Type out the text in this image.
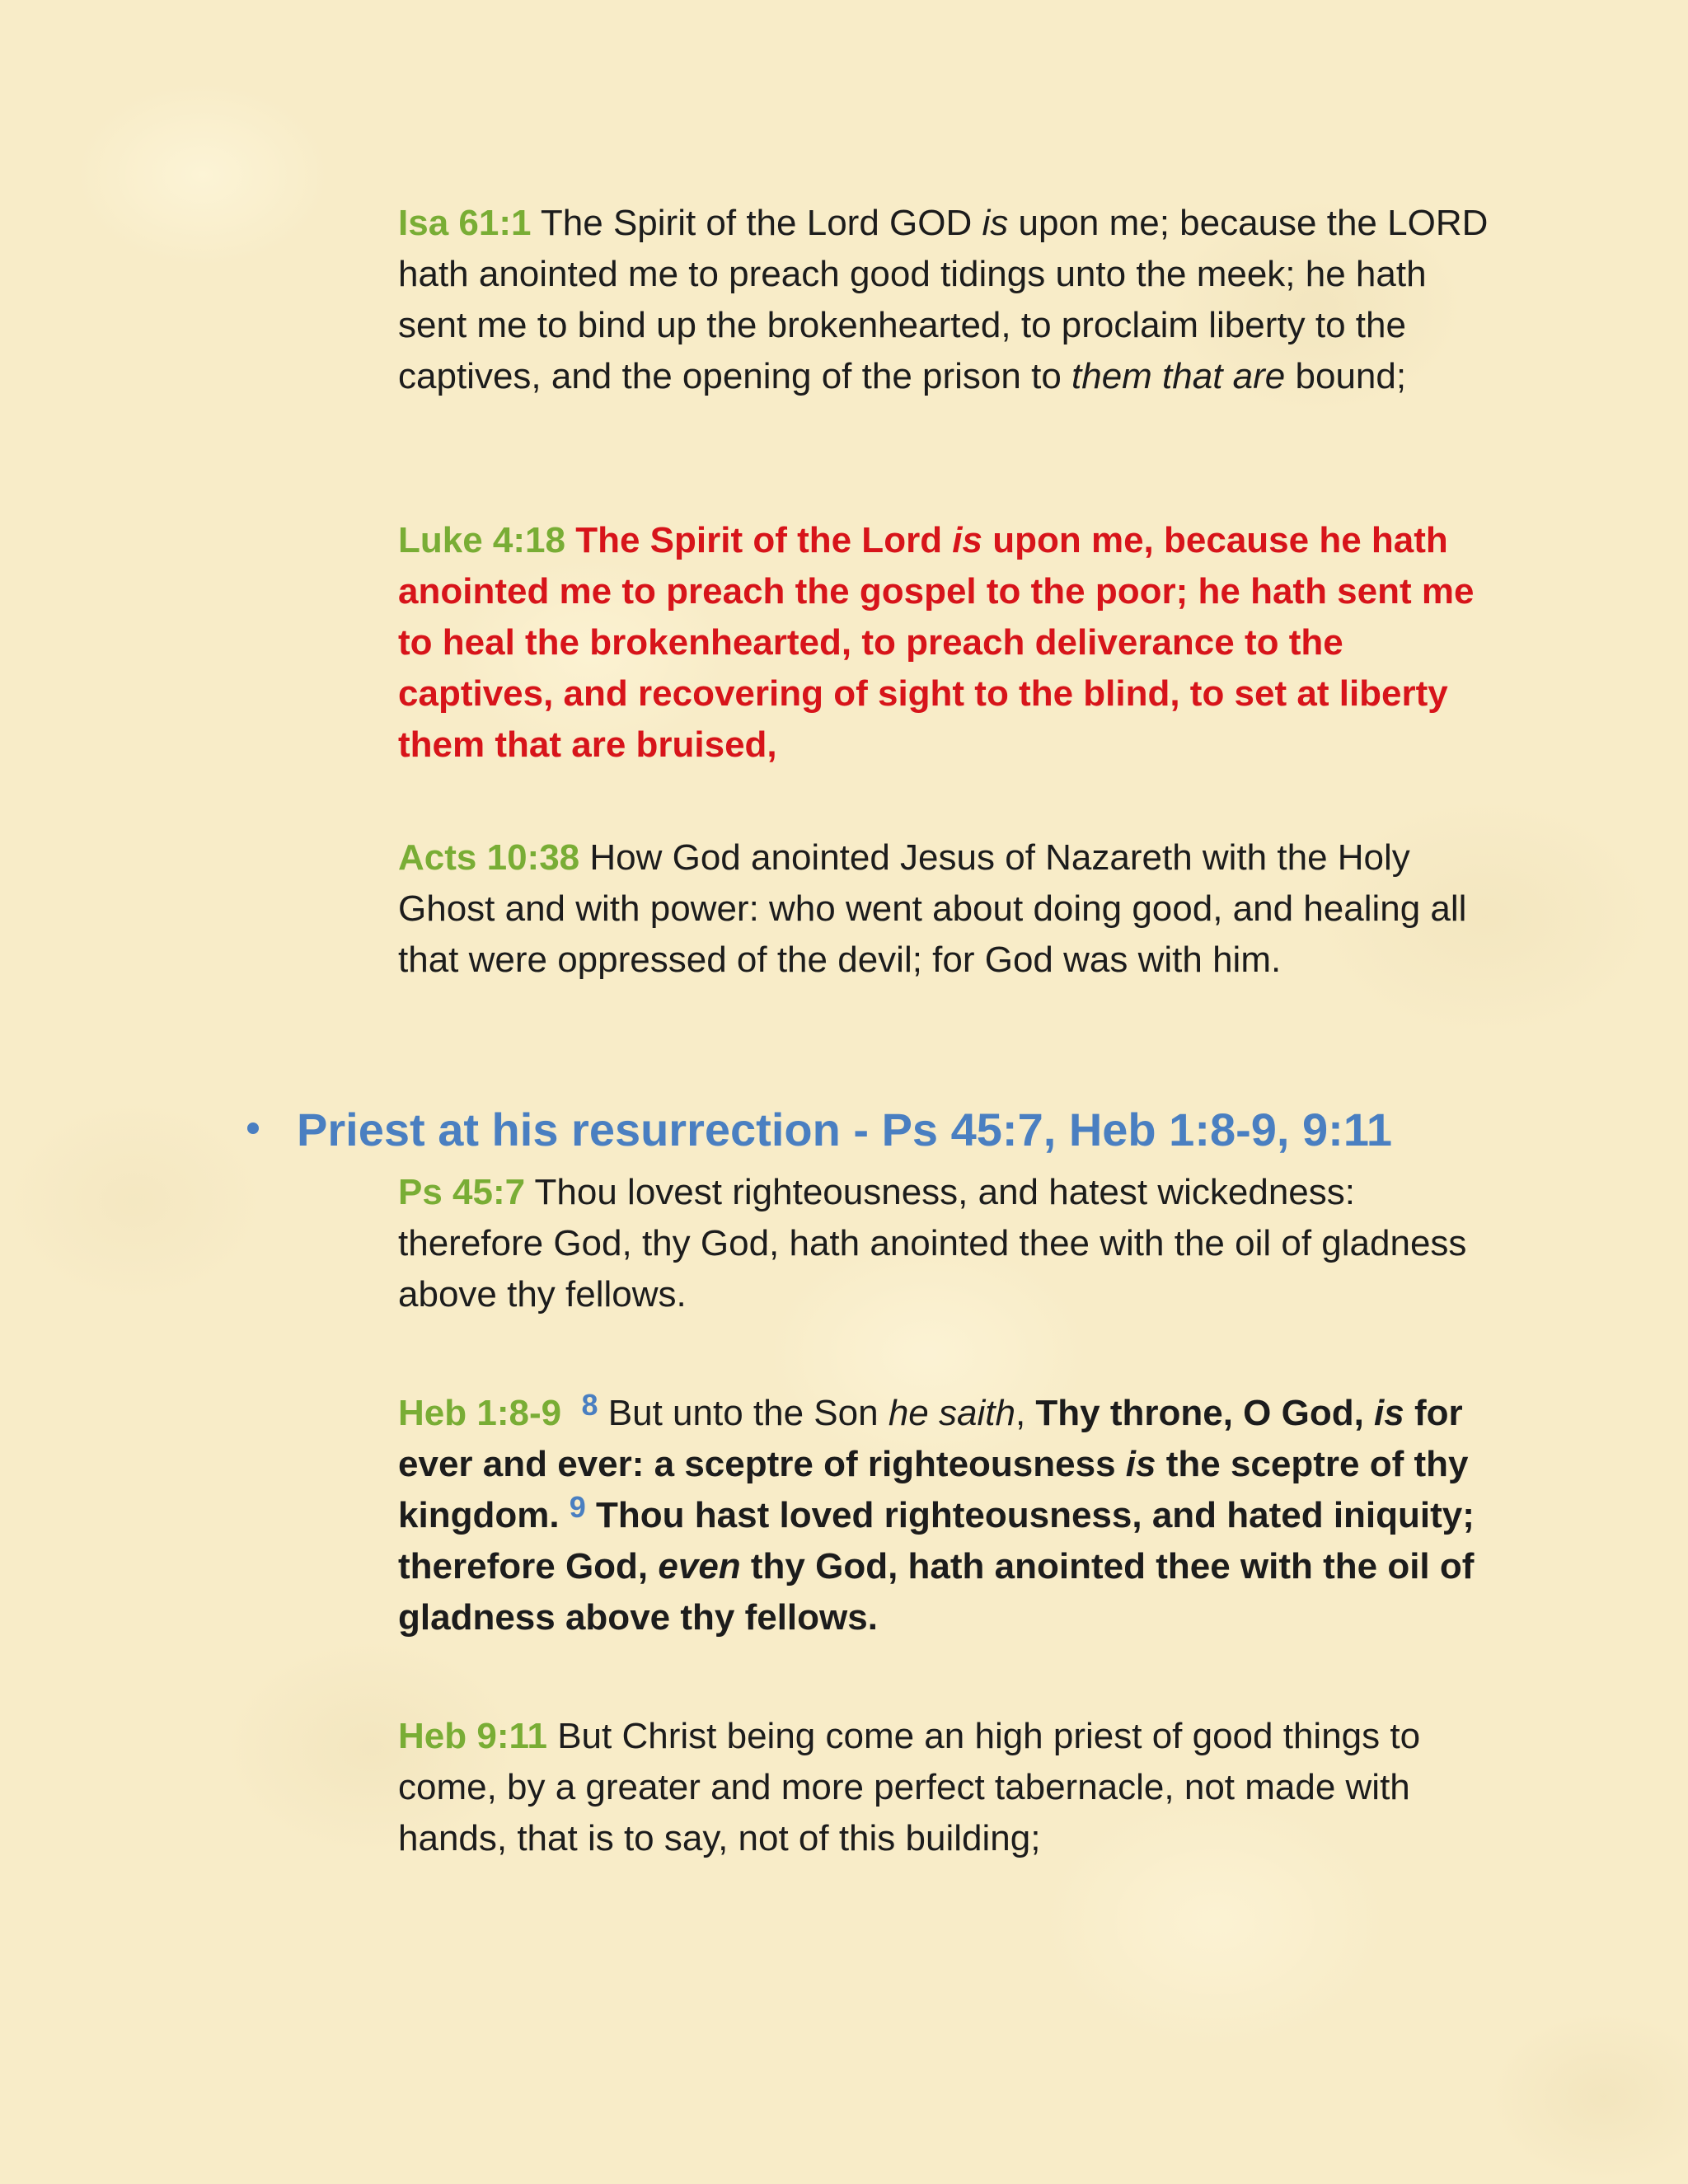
Isa 61:1 The Spirit of the Lord GOD is upon me; because the LORD hath anointed me to preach good tidings unto the meek; he hath sent me to bind up the brokenhearted, to proclaim liberty to the captives, and the opening of the prison to them that are bound;

Luke 4:18 The Spirit of the Lord is upon me, because he hath anointed me to preach the gospel to the poor; he hath sent me to heal the brokenhearted, to preach deliverance to the captives, and recovering of sight to the blind, to set at liberty them that are bruised,

Acts 10:38 How God anointed Jesus of Nazareth with the Holy Ghost and with power: who went about doing good, and healing all that were oppressed of the devil; for God was with him.

Priest at his resurrection - Ps 45:7, Heb 1:8-9, 9:11

Ps 45:7 Thou lovest righteousness, and hatest wickedness: therefore God, thy God, hath anointed thee with the oil of gladness above thy fellows.

Heb 1:8-9 $^8$ But unto the Son he saith, Thy throne, O God, is for ever and ever: a sceptre of righteousness is the sceptre of thy kingdom. $^9$ Thou hast loved righteousness, and hated iniquity; therefore God, even thy God, hath anointed thee with the oil of gladness above thy fellows.

Heb 9:11 But Christ being come an high priest of good things to come, by a greater and more perfect tabernacle, not made with hands, that is to say, not of this building;
